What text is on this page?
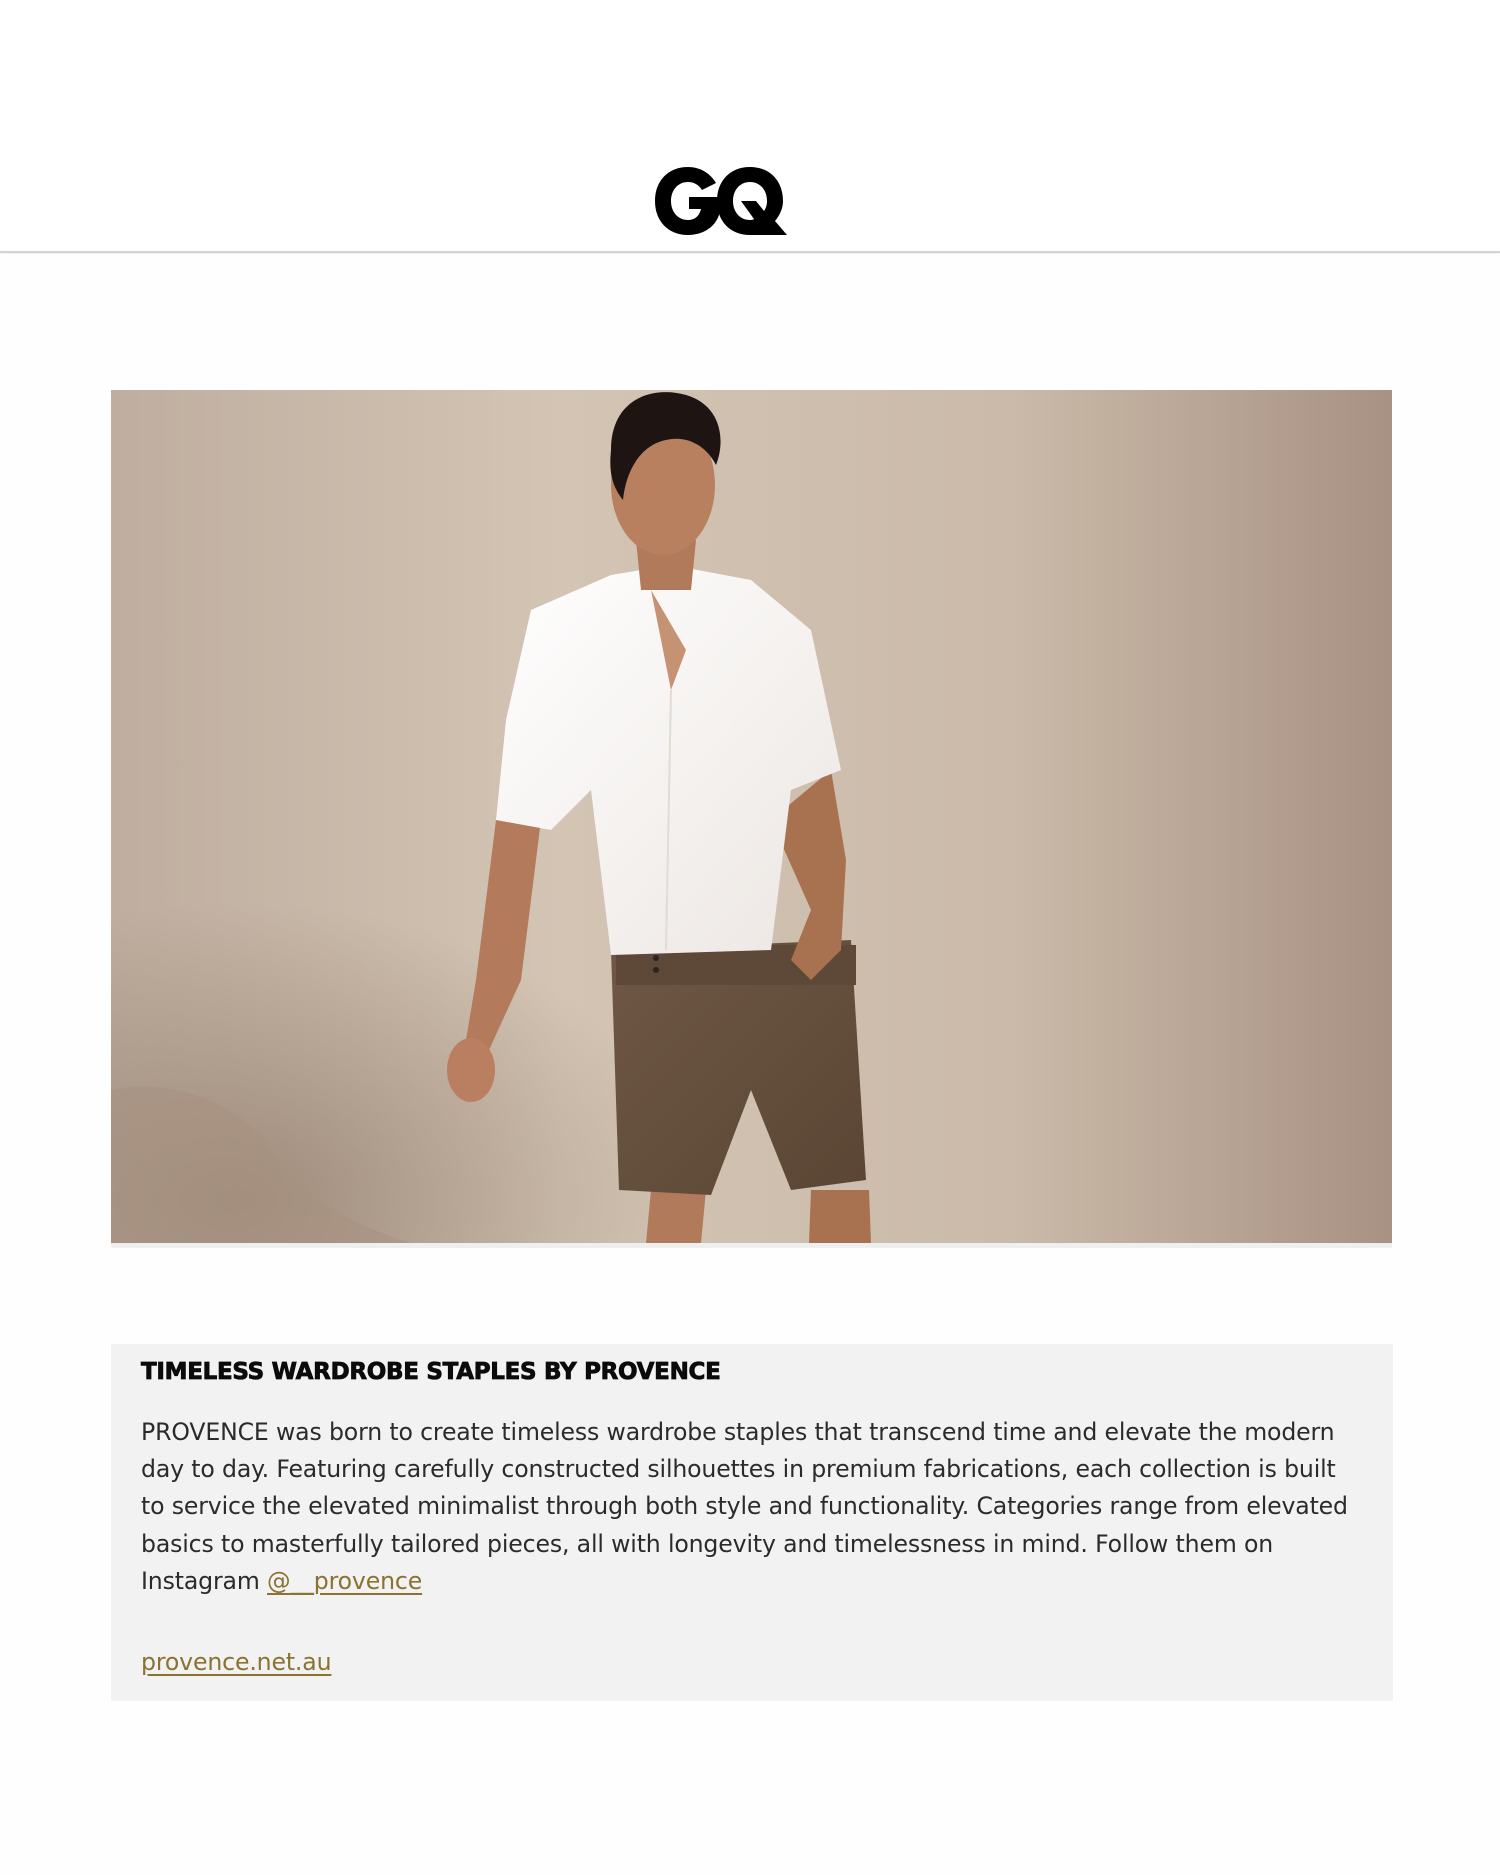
TIMELESS WARDROBE STAPLES BY PROVENCE

PROVENCE was born to create timeless wardrobe staples that transcend time and elevate the modern
day to day. Featuring carefully constructed silhouettes in premium fabrications, each collection is built
to service the elevated minimalist through both style and functionality. Categories range from elevated
basics to masterfully tailored pieces, all with longevity and timelessness in mind. Follow them on
Instagram @__provence

provence.net.au
